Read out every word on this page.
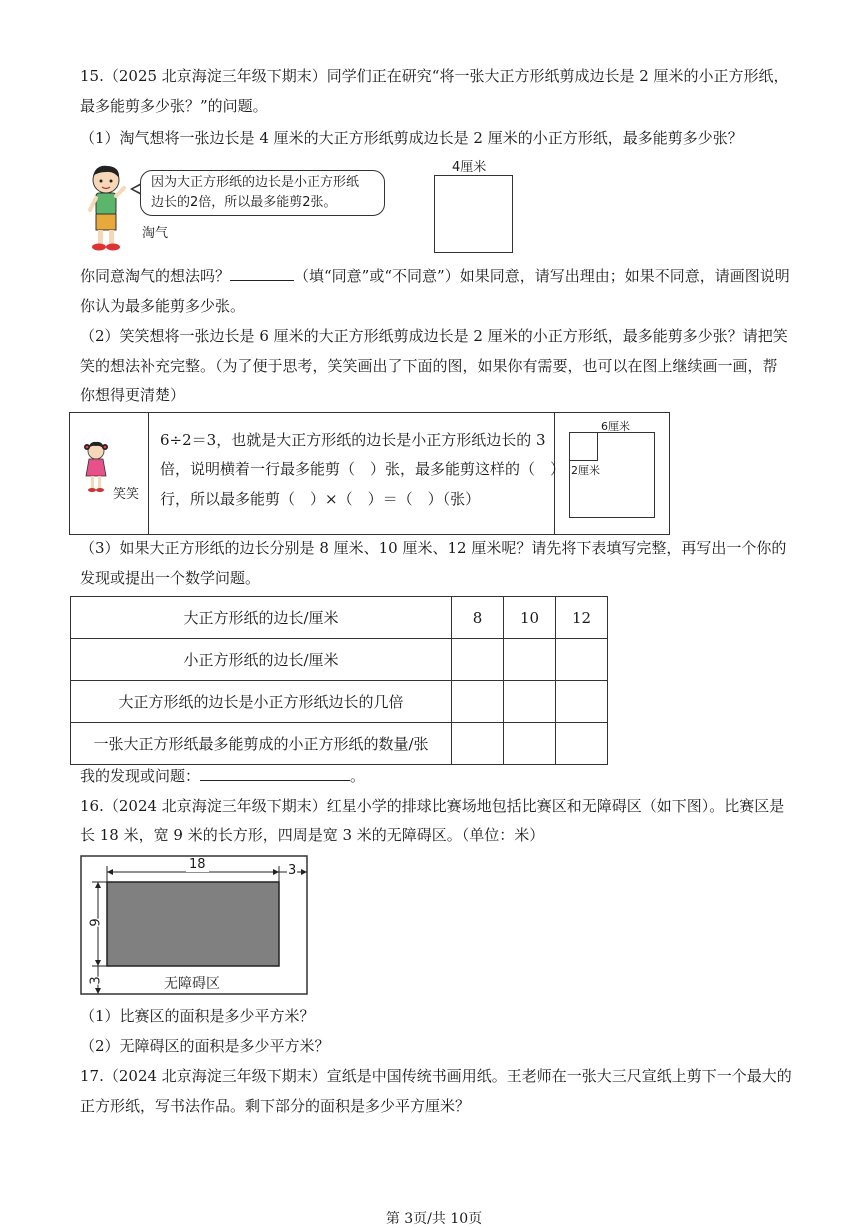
15.（2025 北京海淀三年级下期末）同学们正在研究“将一张大正方形纸剪成边长是 2 厘米的小正方形纸，
最多能剪多少张？”的问题。
（1）淘气想将一张边长是 4 厘米的大正方形纸剪成边长是 2 厘米的小正方形纸，最多能剪多少张？
因为大正方形纸的边长是小正方形纸
边长的2倍，所以最多能剪2张。
淘气
4厘米
你同意淘气的想法吗？	（填“同意”或“不同意”）如果同意，请写出理由；如果不同意，请画图说明
你认为最多能剪多少张。
（2）笑笑想将一张边长是 6 厘米的大正方形纸剪成边长是 2 厘米的小正方形纸，最多能剪多少张？请把笑
笑的想法补充完整。（为了便于思考，笑笑画出了下面的图，如果你有需要，也可以在图上继续画一画，帮
你想得更清楚）
笑笑
6÷2＝3，也就是大正方形纸的边长是小正方形纸边长的 3
倍，说明横着一行最多能剪（　）张，最多能剪这样的（　）
行，所以最多能剪（　）×（　）＝（　）（张）
6厘米
2厘米
（3）如果大正方形纸的边长分别是 8 厘米、10 厘米、12 厘米呢？请先将下表填写完整，再写出一个你的
发现或提出一个数学问题。
大正方形纸的边长/厘米	8	10	12
小正方形纸的边长/厘米			
大正方形纸的边长是小正方形纸边长的几倍			
一张大正方形纸最多能剪成的小正方形纸的数量/张			
我的发现或问题：	。
16.（2024 北京海淀三年级下期末）红星小学的排球比赛场地包括比赛区和无障碍区（如下图）。比赛区是
长 18 米，宽 9 米的长方形，四周是宽 3 米的无障碍区。（单位：米）
18	3
9
3	无障碍区
（1）比赛区的面积是多少平方米？
（2）无障碍区的面积是多少平方米？
17.（2024 北京海淀三年级下期末）宣纸是中国传统书画用纸。王老师在一张大三尺宣纸上剪下一个最大的
正方形纸，写书法作品。剩下部分的面积是多少平方厘米？
第 3页/共 10页
